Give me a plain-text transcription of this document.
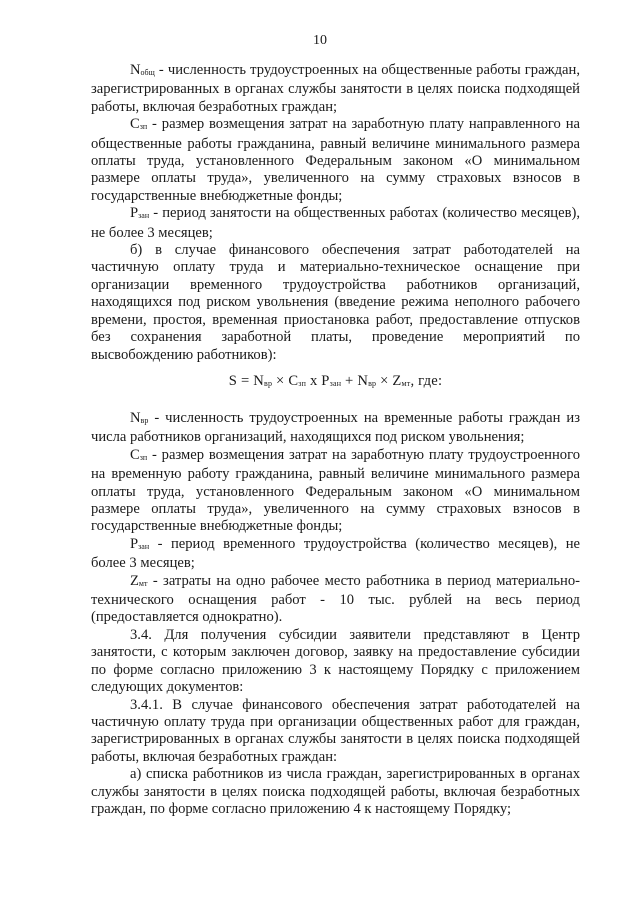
10

Nобщ - численность трудоустроенных на общественные работы граждан, зарегистрированных в органах службы занятости в целях поиска подходящей работы, включая безработных граждан;

Сзп - размер возмещения затрат на заработную плату направленного на общественные работы гражданина, равный величине минимального размера оплаты труда, установленного Федеральным законом «О минимальном размере оплаты труда», увеличенного на сумму страховых взносов в государственные внебюджетные фонды;

Рзан - период занятости на общественных работах (количество месяцев), не более 3 месяцев;

б) в случае финансового обеспечения затрат работодателей на частичную оплату труда и материально-техническое оснащение при организации временного трудоустройства работников организаций, находящихся под риском увольнения (введение режима неполного рабочего времени, простоя, временная приостановка работ, предоставление отпусков без сохранения заработной платы, проведение мероприятий по высвобождению работников):

S = Nвр × Сзп х Рзан + Nвр × Zмт, где:

Nвр - численность трудоустроенных на временные работы граждан из числа работников организаций, находящихся под риском увольнения;

Сзп - размер возмещения затрат на заработную плату трудоустроенного на временную работу гражданина, равный величине минимального размера оплаты труда, установленного Федеральным законом «О минимальном размере оплаты труда», увеличенного на сумму страховых взносов в государственные внебюджетные фонды;

Рзан - период временного трудоустройства (количество месяцев), не более 3 месяцев;

Zмт - затраты на одно рабочее место работника в период материально-технического оснащения работ - 10 тыс. рублей на весь период (предоставляется однократно).

3.4. Для получения субсидии заявители представляют в Центр занятости, с которым заключен договор, заявку на предоставление субсидии по форме согласно приложению 3 к настоящему Порядку с приложением следующих документов:

3.4.1. В случае финансового обеспечения затрат работодателей на частичную оплату труда при организации общественных работ для граждан, зарегистрированных в органах службы занятости в целях поиска подходящей работы, включая безработных граждан:

а) списка работников из числа граждан, зарегистрированных в органах службы занятости в целях поиска подходящей работы, включая безработных граждан, по форме согласно приложению 4 к настоящему Порядку;
